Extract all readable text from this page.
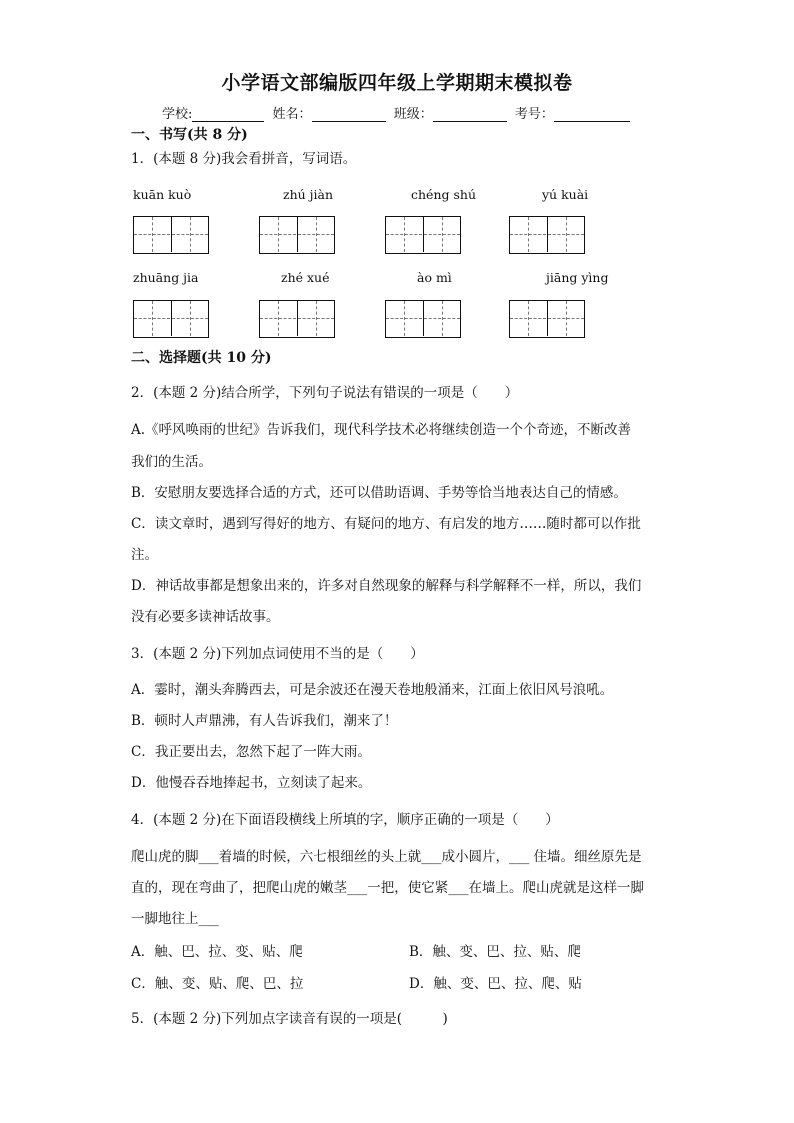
小学语文部编版四年级上学期期末模拟卷
学校:	姓名：	班级：	考号：
一、书写(共 8 分)
1．(本题 8 分)我会看拼音，写词语。
kuān kuò	zhú jiàn	chéng shú	yú kuài
zhuāng jia	zhé xué	ào mì	jiāng yìng
二、选择题(共 10 分)
2．(本题 2 分)结合所学，下列句子说法有错误的一项是（　　）
A.《呼风唤雨的世纪》告诉我们，现代科学技术必将继续创造一个个奇迹，不断改善
我们的生活。
B．安慰朋友要选择合适的方式，还可以借助语调、手势等恰当地表达自己的情感。
C．读文章时，遇到写得好的地方、有疑问的地方、有启发的地方……随时都可以作批
注。
D．神话故事都是想象出来的，许多对自然现象的解释与科学解释不一样，所以，我们
没有必要多读神话故事。
3．(本题 2 分)下列加点词使用不当的是（　　）
A．霎时，潮头奔腾西去，可是余波还在漫天卷地般涌来，江面上依旧风号浪吼。
B．顿时人声鼎沸，有人告诉我们，潮来了！
C．我正要出去，忽然下起了一阵大雨。
D．他慢吞吞地捧起书，立刻读了起来。
4．(本题 2 分)在下面语段横线上所填的字，顺序正确的一项是（　　）
爬山虎的脚___着墙的时候，六七根细丝的头上就___成小圆片，___ 住墙。细丝原先是
直的，现在弯曲了，把爬山虎的嫩茎___一把，使它紧___在墙上。爬山虎就是这样一脚
一脚地往上___
A．触、巴、拉、变、贴、爬	B．触、变、巴、拉、贴、爬
C．触、变、贴、爬、巴、拉	D．触、变、巴、拉、爬、贴
5．(本题 2 分)下列加点字读音有误的一项是(　　　)
